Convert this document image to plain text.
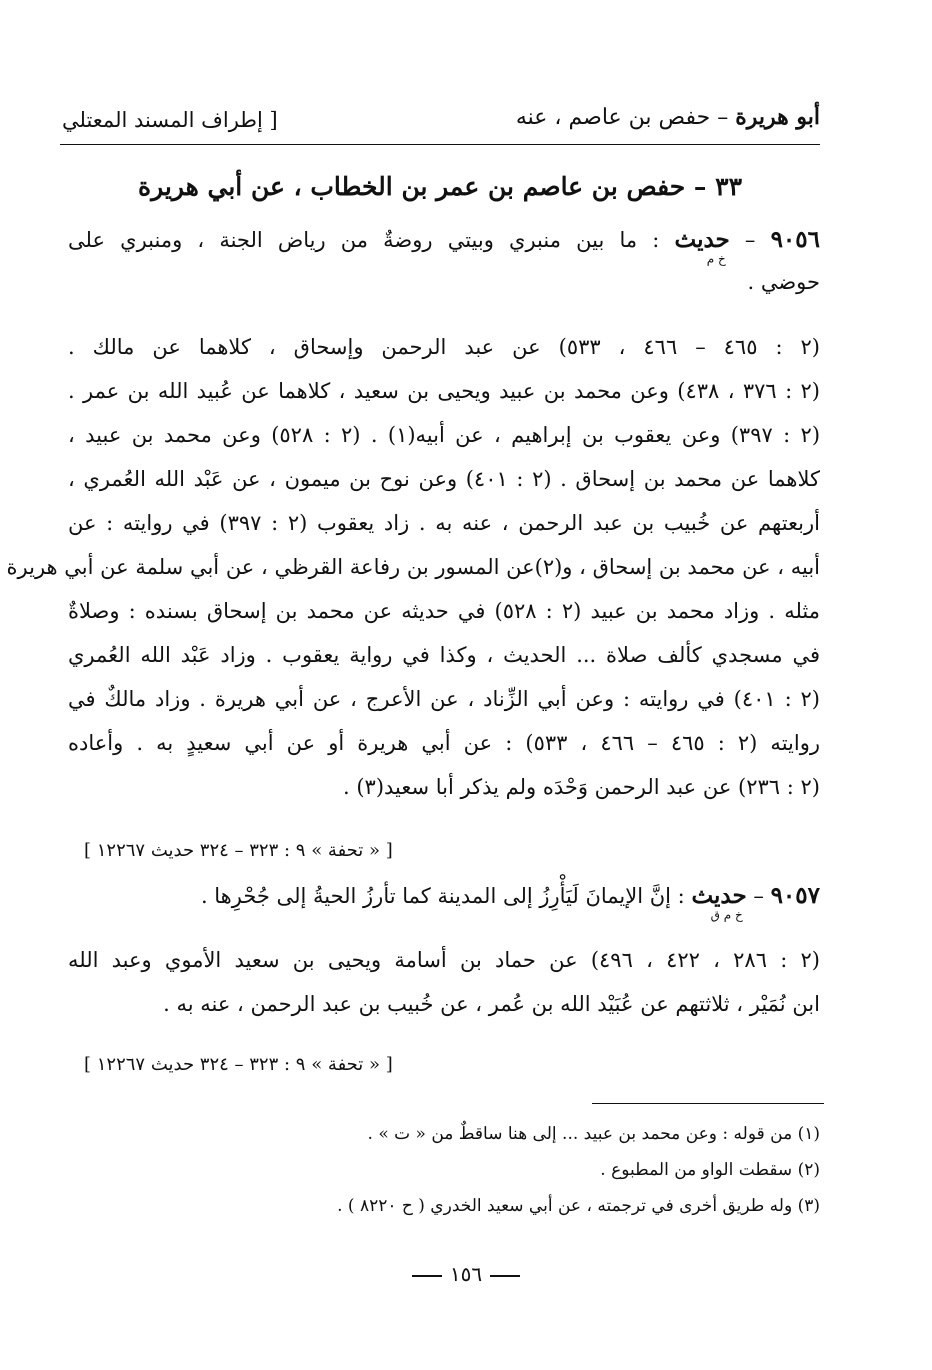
أبو هريرة – حفص بن عاصم ، عنه
[ إطراف المسند المعتلي
٣٣ – حفص بن عاصم بن عمر بن الخطاب ، عن أبي هريرة
٩٠٥٦ – حديث
خ م
: ما بين منبري وبيتي روضةٌ من رياض الجنة ، ومنبري على
حوضي .
(٢ : ٤٦٥ – ٤٦٦ ، ٥٣٣) عن عبد الرحمن وإسحاق ، كلاهما عن مالك .
(٢ : ٣٧٦ ، ٤٣٨) وعن محمد بن عبيد ويحيى بن سعيد ، كلاهما عن عُبيد الله بن عمر .
(٢ : ٣٩٧) وعن يعقوب بن إبراهيم ، عن أبيه(١) . (٢ : ٥٢٨) وعن محمد بن عبيد ،
كلاهما عن محمد بن إسحاق . (٢ : ٤٠١) وعن نوح بن ميمون ، عن عَبْد الله العُمري ،
أربعتهم عن خُبيب بن عبد الرحمن ، عنه به . زاد يعقوب (٢ : ٣٩٧) في روايته : عن
أبيه ، عن محمد بن إسحاق ، و(٢)عن المسور بن رفاعة القرظي ، عن أبي سلمة عن أبي هريرة
مثله . وزاد محمد بن عبيد (٢ : ٥٢٨) في حديثه عن محمد بن إسحاق بسنده : وصلاةٌ
في مسجدي كألف صلاة ... الحديث ، وكذا في رواية يعقوب . وزاد عَبْد الله العُمري
(٢ : ٤٠١) في روايته : وعن أبي الزِّناد ، عن الأعرج ، عن أبي هريرة . وزاد مالكٌ في
روايته (٢ : ٤٦٥ – ٤٦٦ ، ٥٣٣) : عن أبي هريرة أو عن أبي سعيدٍ به . وأعاده
(٢ : ٢٣٦) عن عبد الرحمن وَحْدَه ولم يذكر أبا سعيد(٣) .
[ « تحفة » ٩ : ٣٢٣ – ٣٢٤ حديث ١٢٢٦٧ ]
٩٠٥٧ – حديث
خ م ق
: إنَّ الإيمانَ لَيَأْرِزُ إلى المدينة كما تأرزُ الحيةُ إلى جُحْرِها .
(٢ : ٢٨٦ ، ٤٢٢ ، ٤٩٦) عن حماد بن أسامة ويحيى بن سعيد الأموي وعبد الله
ابن نُمَيْر ، ثلاثتهم عن عُبَيْد الله بن عُمر ، عن خُبيب بن عبد الرحمن ، عنه به .
[ « تحفة » ٩ : ٣٢٣ – ٣٢٤ حديث ١٢٢٦٧ ]
(١) من قوله : وعن محمد بن عبيد ... إلى هنا ساقطٌ من « ت » .
(٢) سقطت الواو من المطبوع .
(٣) وله طريق أخرى في ترجمته ، عن أبي سعيد الخدري ( ح ٨٢٢٠ ) .
١٥٦
